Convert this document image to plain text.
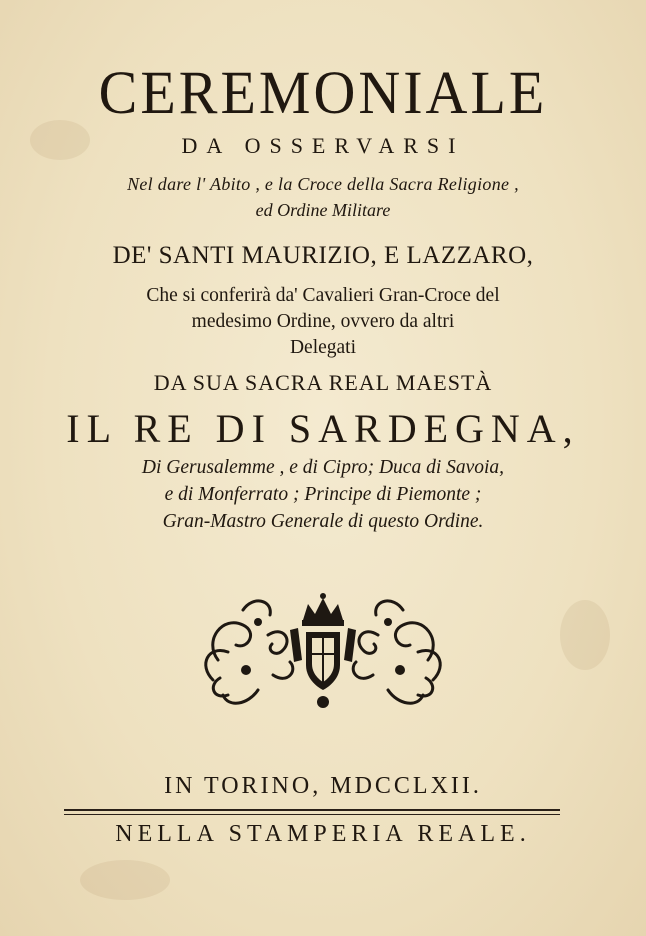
CEREMONIALE
DA OSSERVARSI
Nel dare l' Abito , e la Croce della Sacra Religione ,
ed Ordine Militare
DE' SANTI MAURIZIO, E LAZZARO,
Che si conferirà da' Cavalieri Gran-Croce del
medesimo Ordine, ovvero da altri
Delegati
DA SUA SACRA REAL MAESTÀ
IL RE DI SARDEGNA,
Di Gerusalemme , e di Cipro; Duca di Savoia,
e di Monferrato ; Principe di Piemonte ;
Gran-Mastro Generale di questo Ordine.
IN TORINO, MDCCLXII.
NELLA STAMPERIA REALE.
